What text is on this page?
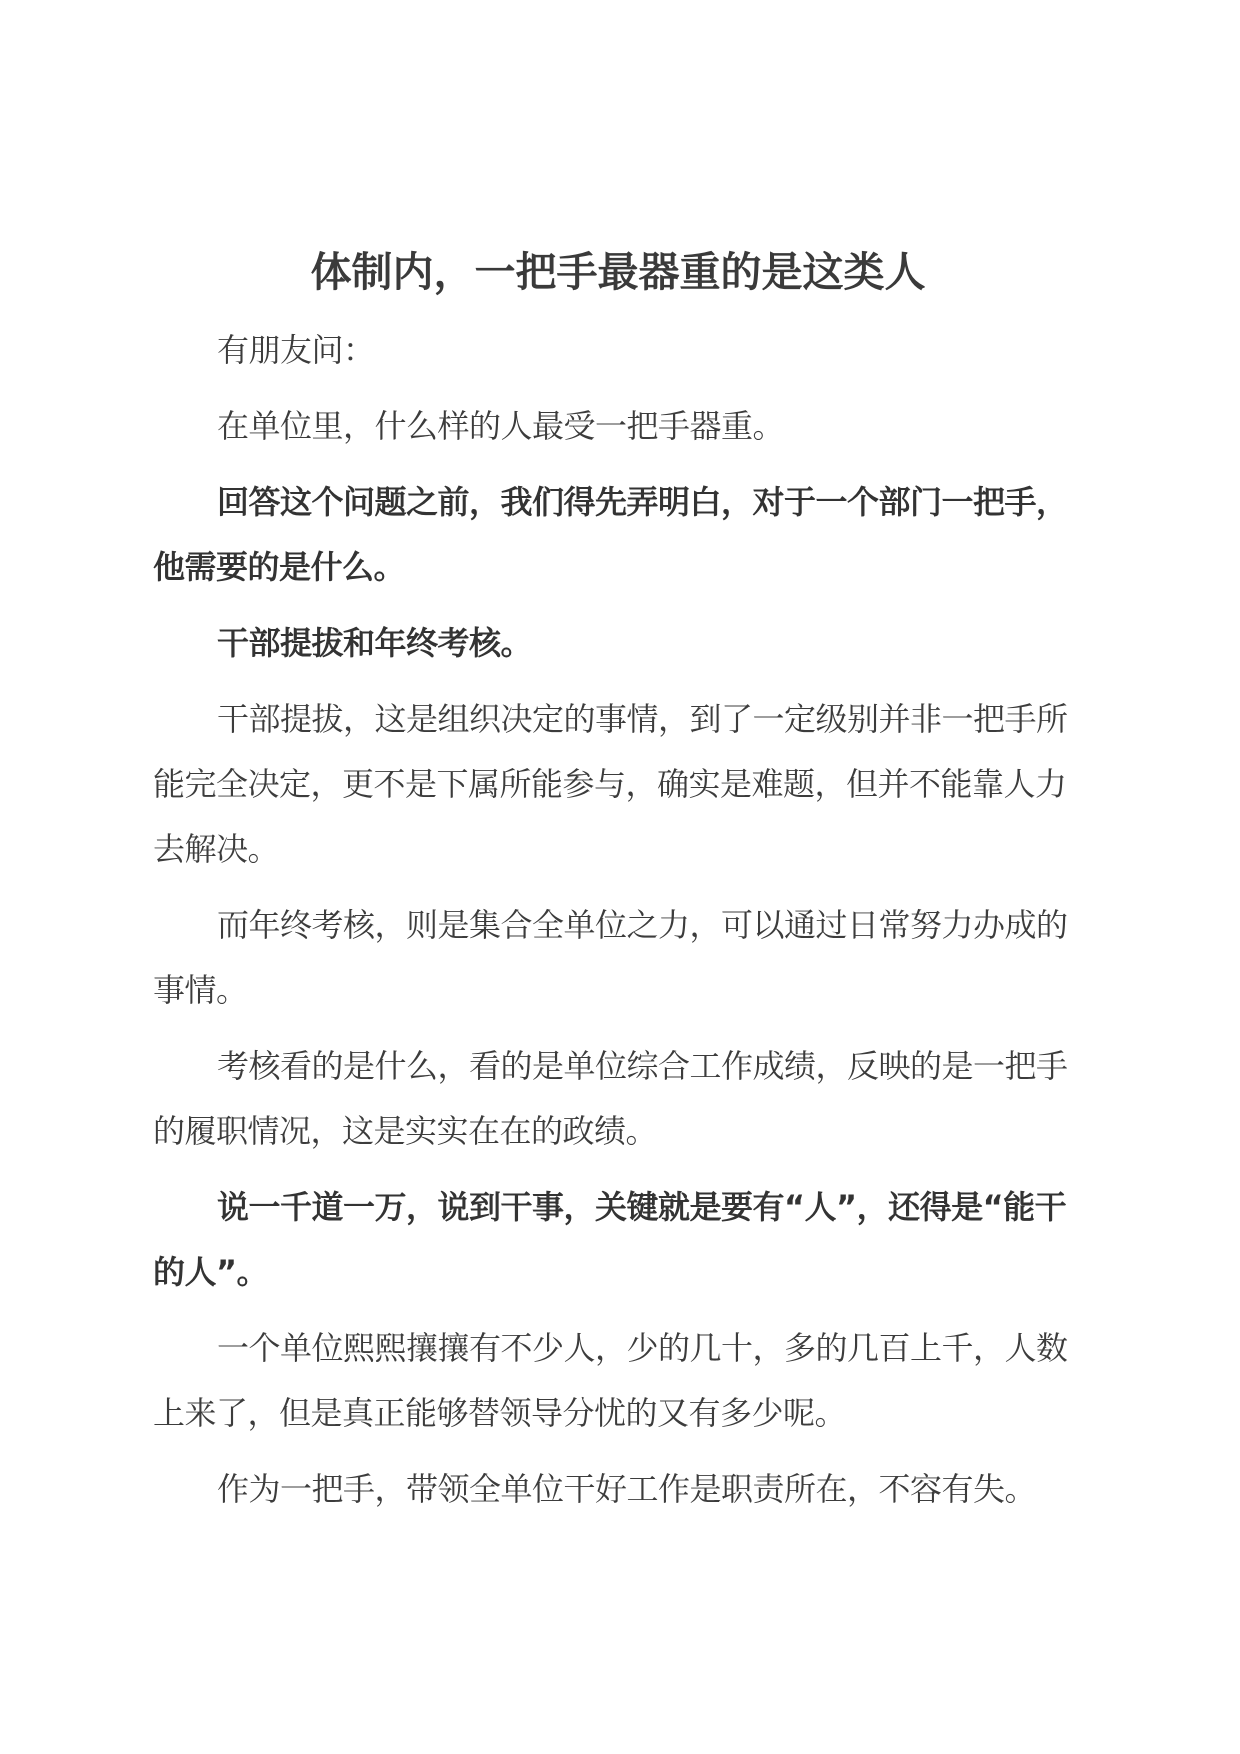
体制内，一把手最器重的是这类人

有朋友问：

在单位里，什么样的人最受一把手器重。

回答这个问题之前，我们得先弄明白，对于一个部门一把手，他需要的是什么。

干部提拔和年终考核。

干部提拔，这是组织决定的事情，到了一定级别并非一把手所能完全决定，更不是下属所能参与，确实是难题，但并不能靠人力去解决。

而年终考核，则是集合全单位之力，可以通过日常努力办成的事情。

考核看的是什么，看的是单位综合工作成绩，反映的是一把手的履职情况，这是实实在在的政绩。

说一千道一万，说到干事，关键就是要有“人”，还得是“能干的人”。

一个单位熙熙攘攘有不少人，少的几十，多的几百上千，人数上来了，但是真正能够替领导分忧的又有多少呢。

作为一把手，带领全单位干好工作是职责所在，不容有失。
